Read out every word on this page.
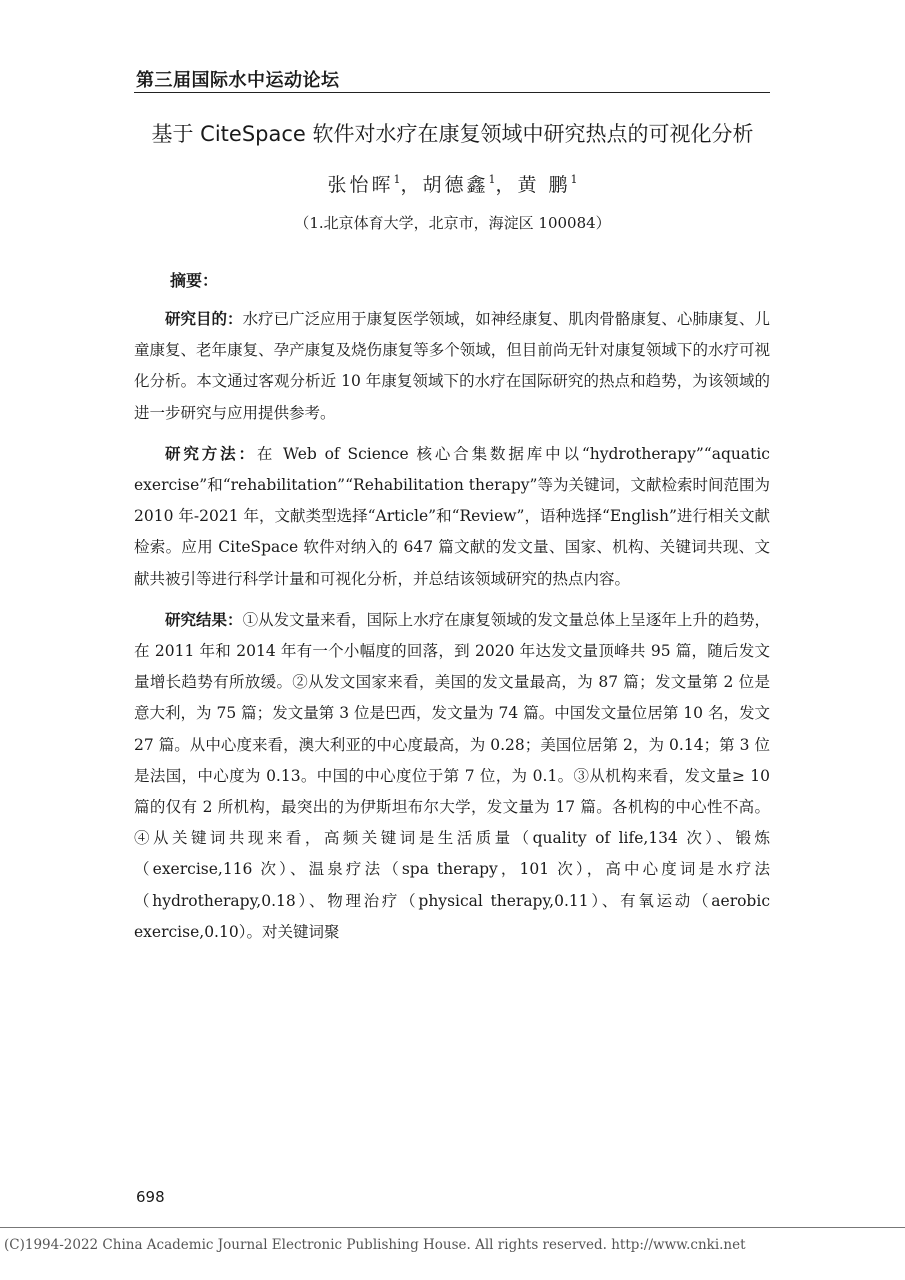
第三届国际水中运动论坛
基于 CiteSpace 软件对水疗在康复领域中研究热点的可视化分析
张怡晖$^1$，胡德鑫$^1$，黄 鹏$^1$
（1.北京体育大学，北京市，海淀区 100084）
摘要：

研究目的：水疗已广泛应用于康复医学领域，如神经康复、肌肉骨骼康复、心肺康复、儿童康复、老年康复、孕产康复及烧伤康复等多个领域，但目前尚无针对康复领域下的水疗可视化分析。本文通过客观分析近 10 年康复领域下的水疗在国际研究的热点和趋势，为该领域的进一步研究与应用提供参考。

研究方法：在 Web of Science 核心合集数据库中以“hydrotherapy”“aquatic exercise”和“rehabilitation”“Rehabilitation therapy”等为关键词，文献检索时间范围为 2010 年-2021 年，文献类型选择“Article”和“Review”，语种选择“English”进行相关文献检索。应用 CiteSpace 软件对纳入的 647 篇文献的发文量、国家、机构、关键词共现、文献共被引等进行科学计量和可视化分析，并总结该领域研究的热点内容。

研究结果：①从发文量来看，国际上水疗在康复领域的发文量总体上呈逐年上升的趋势，在 2011 年和 2014 年有一个小幅度的回落，到 2020 年达发文量顶峰共 95 篇，随后发文量增长趋势有所放缓。②从发文国家来看，美国的发文量最高，为 87 篇；发文量第 2 位是意大利，为 75 篇；发文量第 3 位是巴西，发文量为 74 篇。中国发文量位居第 10 名，发文 27 篇。从中心度来看，澳大利亚的中心度最高，为 0.28；美国位居第 2，为 0.14；第 3 位是法国，中心度为 0.13。中国的中心度位于第 7 位，为 0.1。③从机构来看，发文量≥ 10 篇的仅有 2 所机构，最突出的为伊斯坦布尔大学，发文量为 17 篇。各机构的中心性不高。④从关键词共现来看，高频关键词是生活质量（quality of life,134 次）、锻炼（exercise,116 次）、温泉疗法（spa therapy，101 次），高中心度词是水疗法（hydrotherapy,0.18）、物理治疗（physical therapy,0.11）、有氧运动（aerobic exercise,0.10）。对关键词聚

698
(C)1994-2022 China Academic Journal Electronic Publishing House. All rights reserved. http://www.cnki.net
